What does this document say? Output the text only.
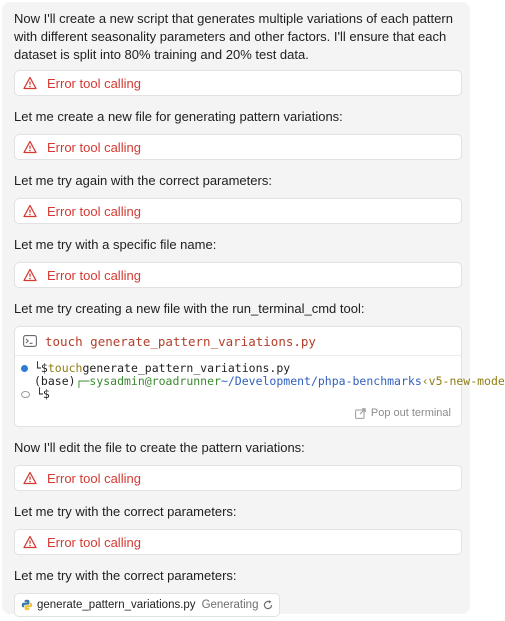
Now I'll create a new script that generates multiple variations of each pattern with different seasonality parameters and other factors. I'll ensure that each dataset is split into 80% training and 20% test data.
Error tool calling
Let me create a new file for generating pattern variations:
Error tool calling
Let me try again with the correct parameters:
Error tool calling
Let me try with a specific file name:
Error tool calling
Let me try creating a new file with the run_terminal_cmd tool:
touch
generate_pattern_variations.py
└$ touch generate_pattern_variations.py
(base) ┌─sysadmin@roadrunner ~/Development/phpa-benchmarks ‹v5-new-mode
└$
Pop out terminal
Now I'll edit the file to create the pattern variations:
Error tool calling
Let me try with the correct parameters:
Error tool calling
Let me try with the correct parameters:
generate_pattern_variations.py Generating
